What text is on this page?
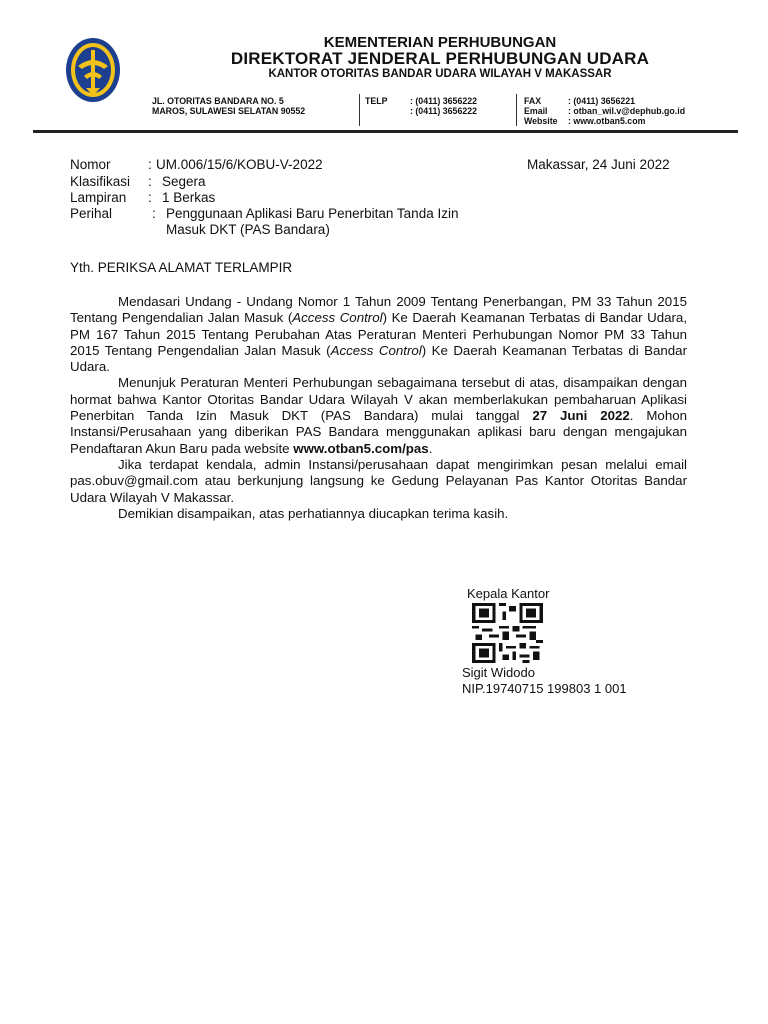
KEMENTERIAN PERHUBUNGAN
DIREKTORAT JENDERAL PERHUBUNGAN UDARA
KANTOR OTORITAS BANDAR UDARA WILAYAH V MAKASSAR
JL. OTORITAS BANDARA NO. 5
MAROS, SULAWESI SELATAN 90552
TELP	: (0411) 3656222
: (0411) 3656222
FAX	: (0411) 3656221
Email : otban_wil.v@dephub.go.id
Website : www.otban5.com
Nomor	: UM.006/15/6/KOBU-V-2022	Makassar, 24 Juni 2022
Klasifikasi : Segera
Lampiran : 1 Berkas
Perihal	: Penggunaan Aplikasi Baru Penerbitan Tanda Izin
Masuk DKT (PAS Bandara)
Yth. PERIKSA ALAMAT TERLAMPIR

Mendasari Undang - Undang Nomor 1 Tahun 2009 Tentang Penerbangan, PM 33 Tahun 2015 Tentang Pengendalian Jalan Masuk (Access Control) Ke Daerah Keamanan Terbatas di Bandar Udara, PM 167 Tahun 2015 Tentang Perubahan Atas Peraturan Menteri Perhubungan Nomor PM 33 Tahun 2015 Tentang Pengendalian Jalan Masuk (Access Control) Ke Daerah Keamanan Terbatas di Bandar Udara.

Menunjuk Peraturan Menteri Perhubungan sebagaimana tersebut di atas, disampaikan dengan hormat bahwa Kantor Otoritas Bandar Udara Wilayah V akan memberlakukan pembaharuan Aplikasi Penerbitan Tanda Izin Masuk DKT (PAS Bandara) mulai tanggal 27 Juni 2022. Mohon Instansi/Perusahaan yang diberikan PAS Bandara menggunakan aplikasi baru dengan mengajukan Pendaftaran Akun Baru pada website www.otban5.com/pas.

Jika terdapat kendala, admin Instansi/perusahaan dapat mengirimkan pesan melalui email pas.obuv@gmail.com atau berkunjung langsung ke Gedung Pelayanan Pas Kantor Otoritas Bandar Udara Wilayah V Makassar.

Demikian disampaikan, atas perhatiannya diucapkan terima kasih.

Kepala Kantor
Sigit Widodo
NIP.19740715 199803 1 001
